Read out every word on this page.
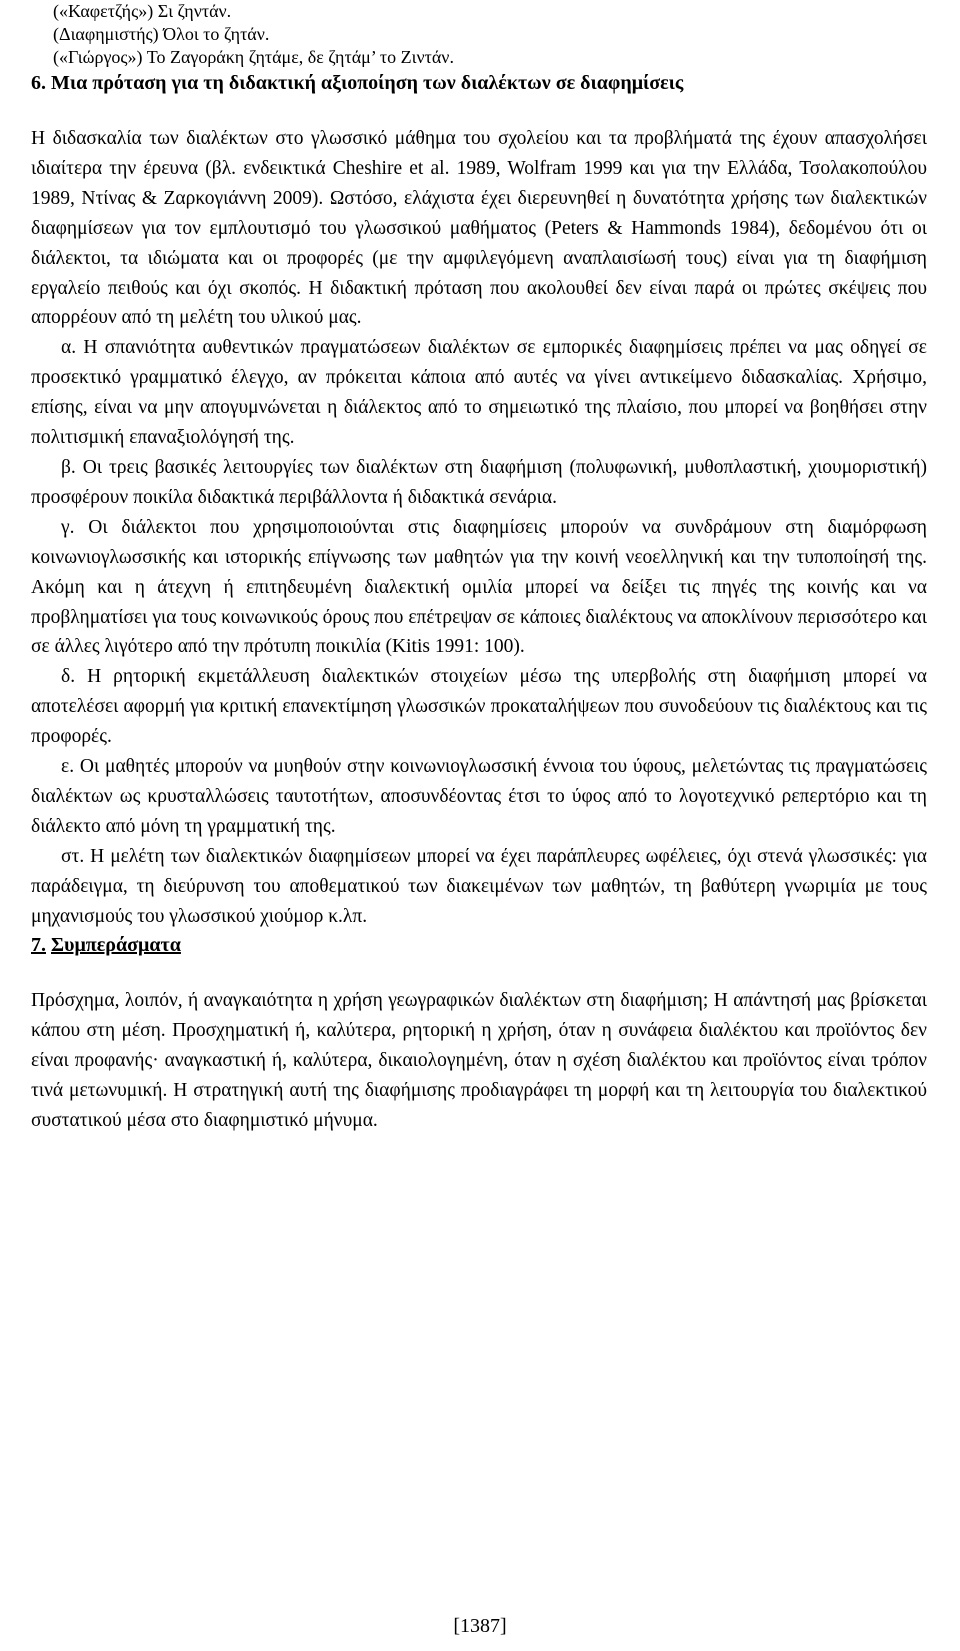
(«Καφετζής») Σι ζηντάν.

(Διαφημιστής) Όλοι το ζητάν.

(«Γιώργος») Το Ζαγοράκη ζητάμε, δε ζητάμ’ το Ζιντάν.

6. Μια πρόταση για τη διδακτική αξιοποίηση των διαλέκτων σε διαφημίσεις

Η διδασκαλία των διαλέκτων στο γλωσσικό μάθημα του σχολείου και τα προβλήματά της έχουν απασχολήσει ιδιαίτερα την έρευνα (βλ. ενδεικτικά Cheshire et al. 1989, Wolfram 1999 και για την Ελλάδα, Τσολακοπούλου 1989, Ντίνας & Ζαρκογιάννη 2009). Ωστόσο, ελάχιστα έχει διερευνηθεί η δυνατότητα χρήσης των διαλεκτικών διαφημίσεων για τον εμπλουτισμό του γλωσσικού μαθήματος (Peters & Hammonds 1984), δεδομένου ότι οι διάλεκτοι, τα ιδιώματα και οι προφορές (με την αμφιλεγόμενη αναπλαισίωσή τους) είναι για τη διαφήμιση εργαλείο πειθούς και όχι σκοπός. Η διδακτική πρόταση που ακολουθεί δεν είναι παρά οι πρώτες σκέψεις που απορρέουν από τη μελέτη του υλικού μας.

α. Η σπανιότητα αυθεντικών πραγματώσεων διαλέκτων σε εμπορικές διαφημίσεις πρέπει να μας οδηγεί σε προσεκτικό γραμματικό έλεγχο, αν πρόκειται κάποια από αυτές να γίνει αντικείμενο διδασκαλίας. Χρήσιμο, επίσης, είναι να μην απογυμνώνεται η διάλεκτος από το σημειωτικό της πλαίσιο, που μπορεί να βοηθήσει στην πολιτισμική επαναξιολόγησή της.

β. Οι τρεις βασικές λειτουργίες των διαλέκτων στη διαφήμιση (πολυφωνική, μυθοπλαστική, χιουμοριστική) προσφέρουν ποικίλα διδακτικά περιβάλλοντα ή διδακτικά σενάρια.

γ. Οι διάλεκτοι που χρησιμοποιούνται στις διαφημίσεις μπορούν να συνδράμουν στη διαμόρφωση κοινωνιογλωσσικής και ιστορικής επίγνωσης των μαθητών για την κοινή νεοελληνική και την τυποποίησή της. Ακόμη και η άτεχνη ή επιτηδευμένη διαλεκτική ομιλία μπορεί να δείξει τις πηγές της κοινής και να προβληματίσει για τους κοινωνικούς όρους που επέτρεψαν σε κάποιες διαλέκτους να αποκλίνουν περισσότερο και σε άλλες λιγότερο από την πρότυπη ποικιλία (Kitis 1991: 100).

δ. Η ρητορική εκμετάλλευση διαλεκτικών στοιχείων μέσω της υπερβολής στη διαφήμιση μπορεί να αποτελέσει αφορμή για κριτική επανεκτίμηση γλωσσικών προκαταλήψεων που συνοδεύουν τις διαλέκτους και τις προφορές.

ε. Οι μαθητές μπορούν να μυηθούν στην κοινωνιογλωσσική έννοια του ύφους, μελετώντας τις πραγματώσεις διαλέκτων ως κρυσταλλώσεις ταυτοτήτων, αποσυνδέοντας έτσι το ύφος από το λογοτεχνικό ρεπερτόριο και τη διάλεκτο από μόνη τη γραμματική της.

στ. Η μελέτη των διαλεκτικών διαφημίσεων μπορεί να έχει παράπλευρες ωφέλειες, όχι στενά γλωσσικές: για παράδειγμα, τη διεύρυνση του αποθεματικού των διακειμένων των μαθητών, τη βαθύτερη γνωριμία με τους μηχανισμούς του γλωσσικού χιούμορ κ.λπ.

7. Συμπεράσματα

Πρόσχημα, λοιπόν, ή αναγκαιότητα η χρήση γεωγραφικών διαλέκτων στη διαφήμιση; Η απάντησή μας βρίσκεται κάπου στη μέση. Προσχηματική ή, καλύτερα, ρητορική η χρήση, όταν η συνάφεια διαλέκτου και προϊόντος δεν είναι προφανής· αναγκαστική ή, καλύτερα, δικαιολογημένη, όταν η σχέση διαλέκτου και προϊόντος είναι τρόπον τινά μετωνυμική. Η στρατηγική αυτή της διαφήμισης προδιαγράφει τη μορφή και τη λειτουργία του διαλεκτικού συστατικού μέσα στο διαφημιστικό μήνυμα.

[1387]
